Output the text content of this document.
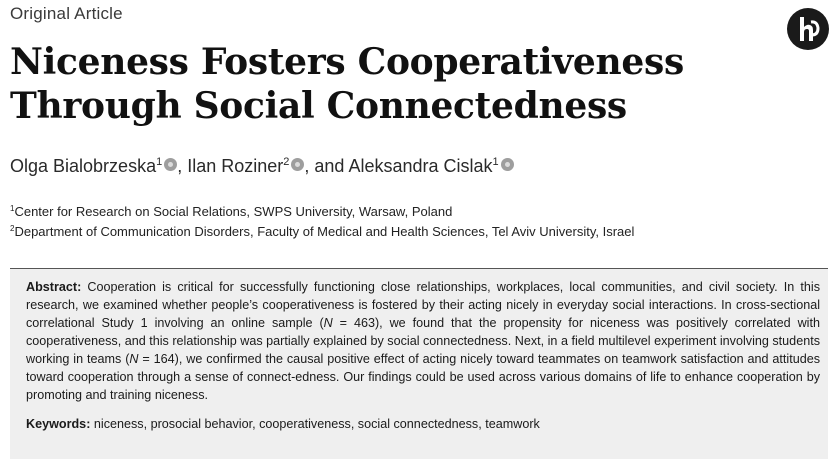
Original Article
Niceness Fosters Cooperativeness Through Social Connectedness
Olga Bialobrzeska$^1$ , Ilan Roziner$^2$ , and Aleksandra Cislak$^1$
$^1$Center for Research on Social Relations, SWPS University, Warsaw, Poland
$^2$Department of Communication Disorders, Faculty of Medical and Health Sciences, Tel Aviv University, Israel

Abstract: Cooperation is critical for successfully functioning close relationships, workplaces, local communities, and civil society. In this research, we examined whether people’s cooperativeness is fostered by their acting nicely in everyday social interactions. In cross-sectional correlational Study 1 involving an online sample (N = 463), we found that the propensity for niceness was positively correlated with cooperativeness, and this relationship was partially explained by social connectedness. Next, in a field multilevel experiment involving students working in teams (N = 164), we confirmed the causal positive effect of acting nicely toward teammates on teamwork satisfaction and attitudes toward cooperation through a sense of connect-edness. Our findings could be used across various domains of life to enhance cooperation by promoting and training niceness.

Keywords: niceness, prosocial behavior, cooperativeness, social connectedness, teamwork
